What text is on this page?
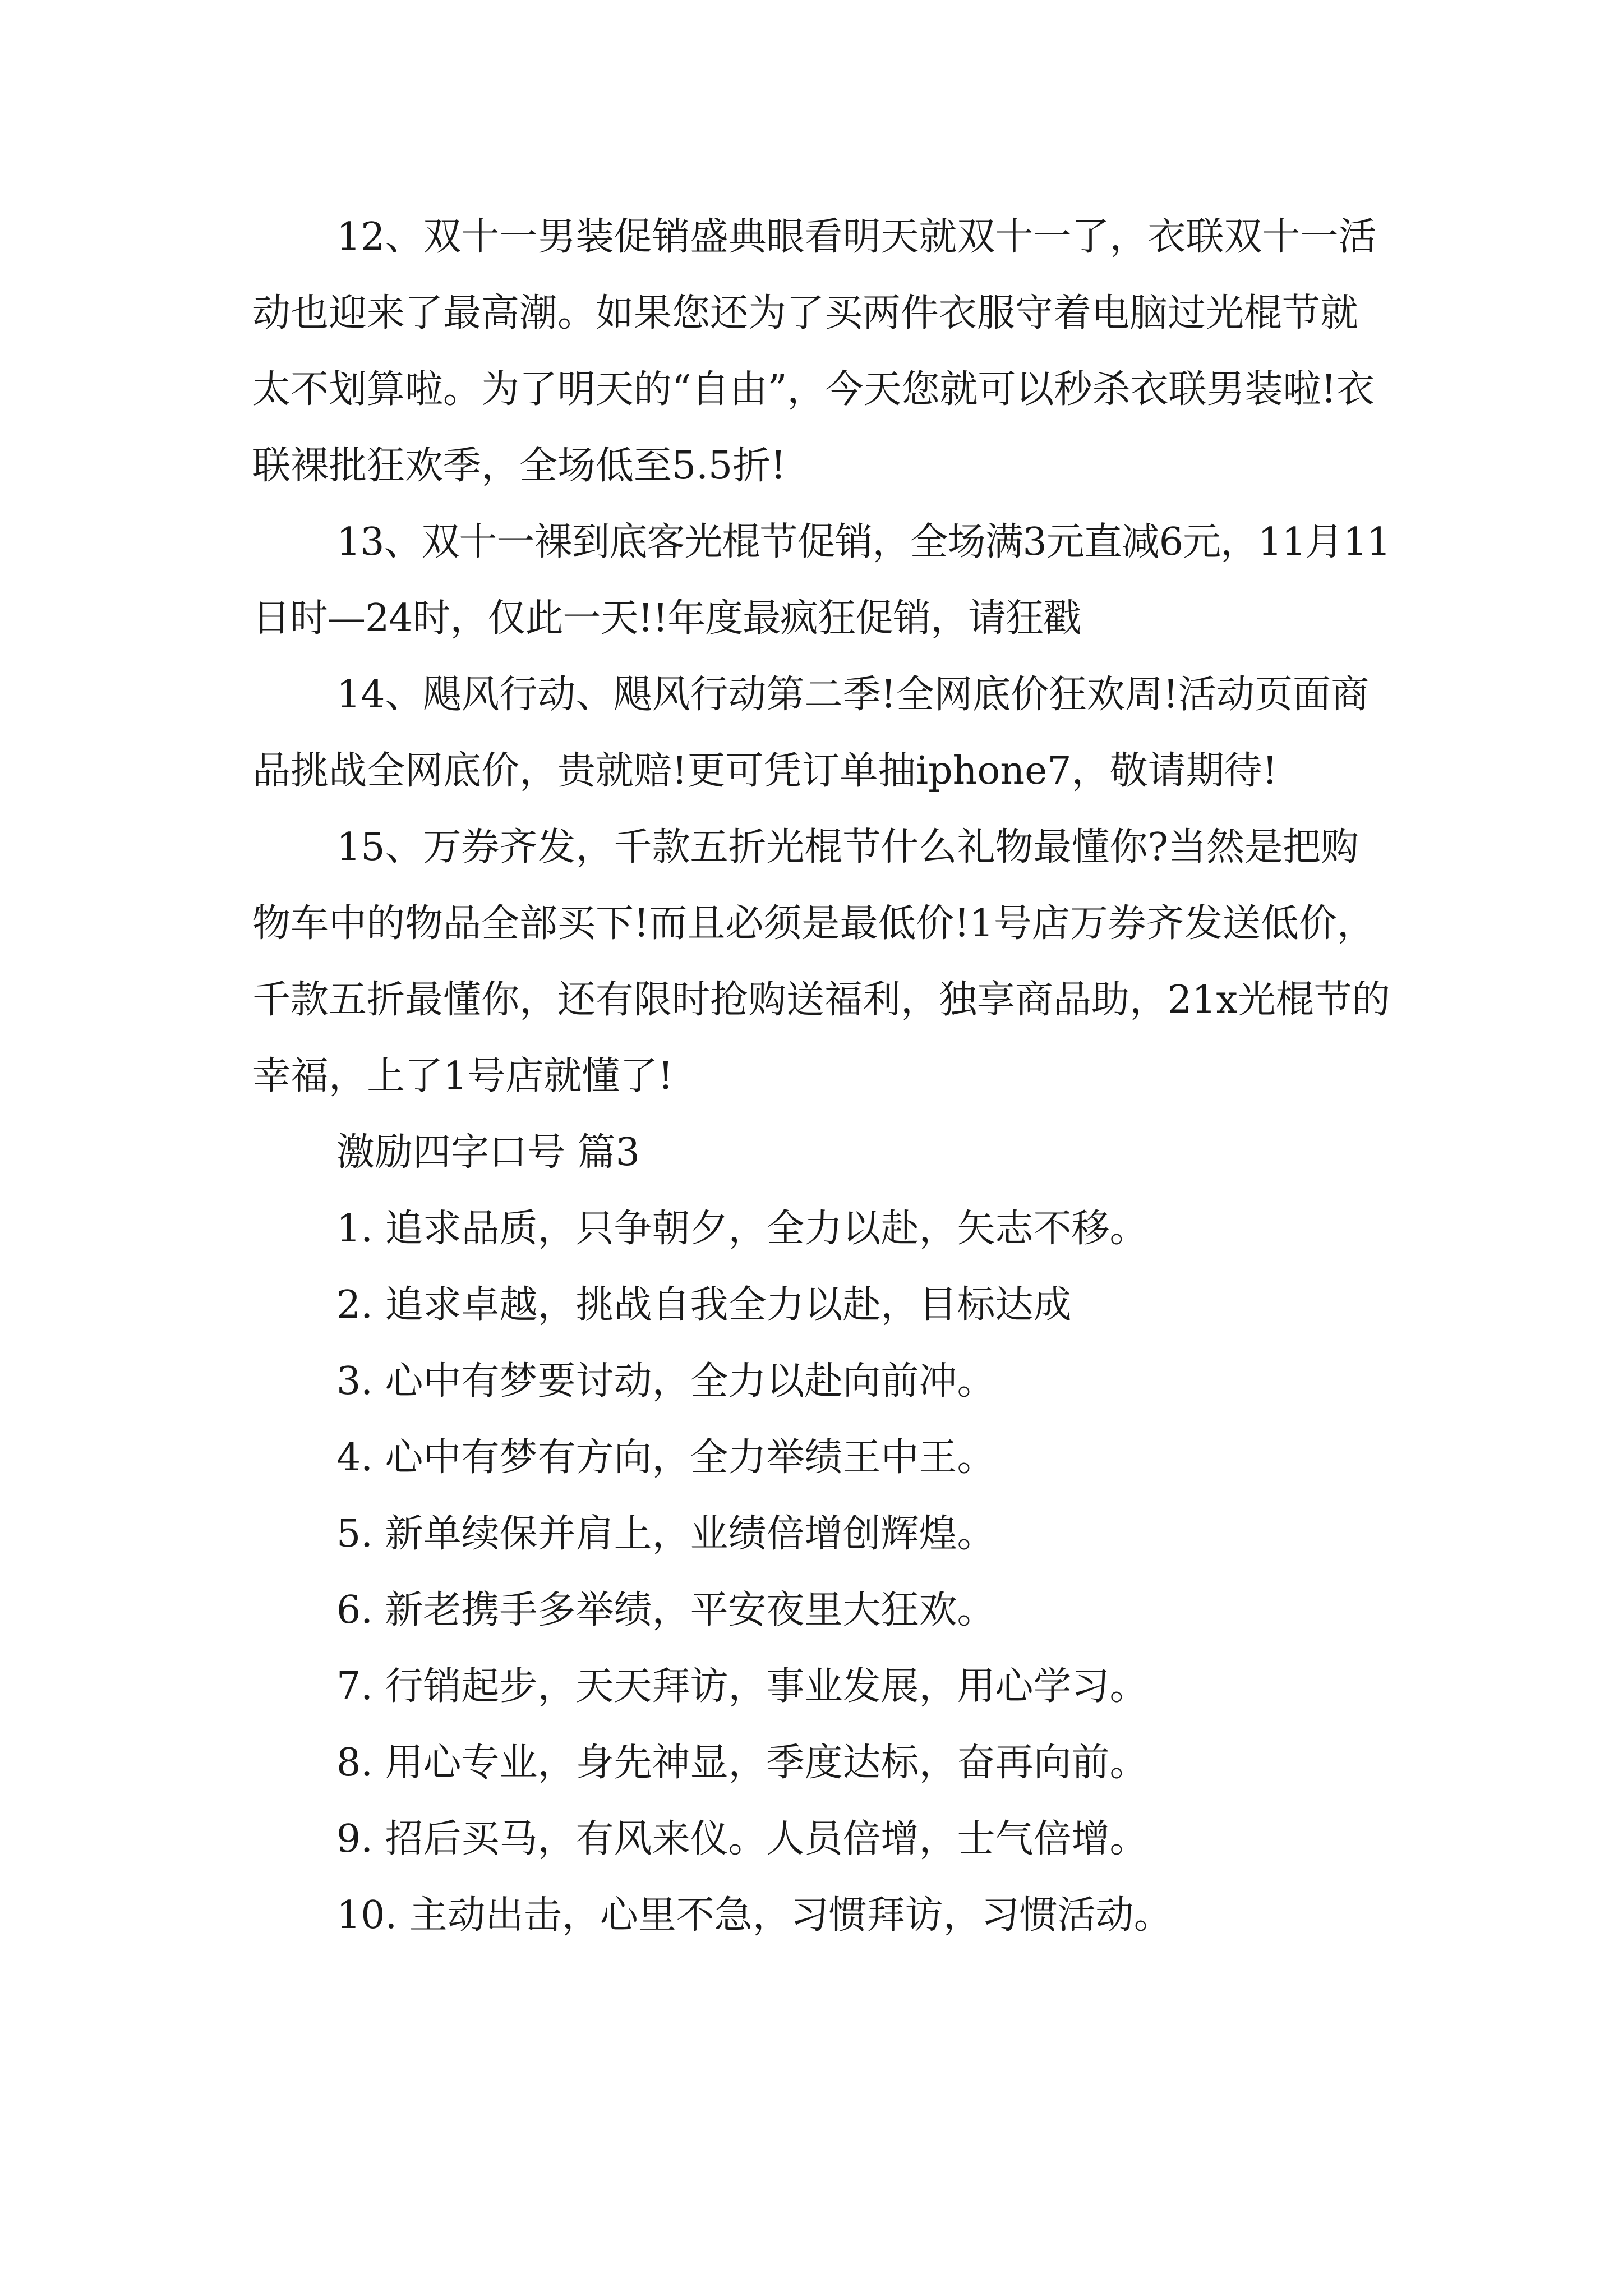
12、双十一男装促销盛典眼看明天就双十一了，衣联双十一活动也迎来了最高潮。如果您还为了买两件衣服守着电脑过光棍节就太不划算啦。为了明天的“自由”，今天您就可以秒杀衣联男装啦!衣联裸批狂欢季，全场低至5.5折!

13、双十一裸到底客光棍节促销，全场满3元直减6元，11月11日时—24时，仅此一天!!年度最疯狂促销，请狂戳

14、飓风行动、飓风行动第二季!全网底价狂欢周!活动页面商品挑战全网底价，贵就赔!更可凭订单抽iphone7，敬请期待!

15、万券齐发，千款五折光棍节什么礼物最懂你?当然是把购物车中的物品全部买下!而且必须是最低价!1号店万券齐发送低价，千款五折最懂你，还有限时抢购送福利，独享商品助，21x光棍节的幸福，上了1号店就懂了!

激励四字口号 篇3

1. 追求品质，只争朝夕，全力以赴，矢志不移。
2. 追求卓越，挑战自我全力以赴，目标达成
3. 心中有梦要讨动，全力以赴向前冲。
4. 心中有梦有方向，全力举绩王中王。
5. 新单续保并肩上，业绩倍增创辉煌。
6. 新老携手多举绩，平安夜里大狂欢。
7. 行销起步，天天拜访，事业发展，用心学习。
8. 用心专业，身先神显，季度达标，奋再向前。
9. 招后买马，有风来仪。人员倍增，士气倍增。
10. 主动出击，心里不急，习惯拜访，习惯活动。
